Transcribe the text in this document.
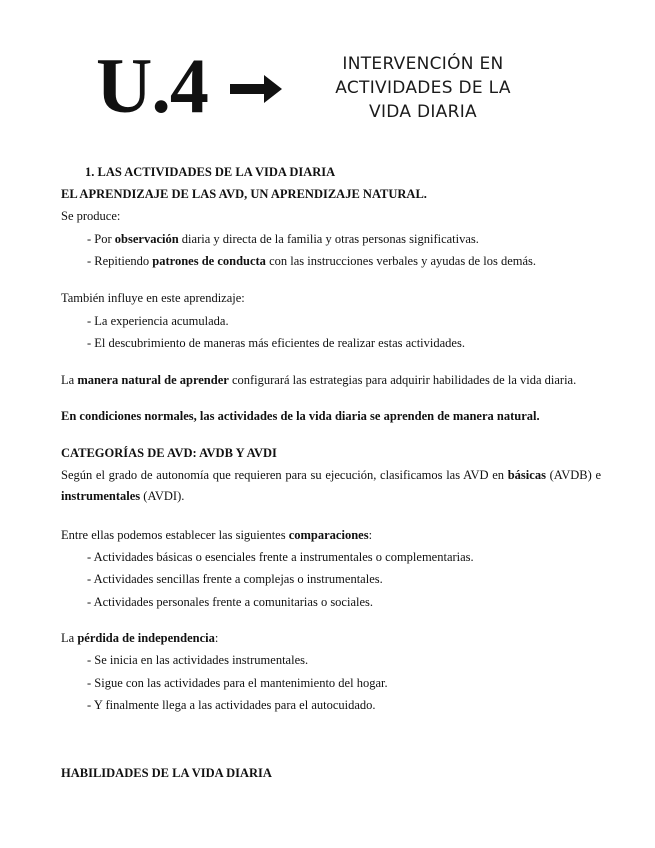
U.4	INTERVENCIÓN EN
ACTIVIDADES DE LA
VIDA DIARIA

1. LAS ACTIVIDADES DE LA VIDA DIARIA

EL APRENDIZAJE DE LAS AVD, UN APRENDIZAJE NATURAL.

Se produce:

- Por observación diaria y directa de la familia y otras personas significativas.

- Repitiendo patrones de conducta con las instrucciones verbales y ayudas de los demás.

También influye en este aprendizaje:

- La experiencia acumulada.

- El descubrimiento de maneras más eficientes de realizar estas actividades.

La manera natural de aprender configurará las estrategias para adquirir habilidades de la vida diaria.

En condiciones normales, las actividades de la vida diaria se aprenden de manera natural.

CATEGORÍAS DE AVD: AVDB Y AVDI

Según el grado de autonomía que requieren para su ejecución, clasificamos las AVD en básicas (AVDB) e instrumentales (AVDI).

Entre ellas podemos establecer las siguientes comparaciones:

- Actividades básicas o esenciales frente a instrumentales o complementarias.

- Actividades sencillas frente a complejas o instrumentales.

- Actividades personales frente a comunitarias o sociales.

La pérdida de independencia:

- Se inicia en las actividades instrumentales.

- Sigue con las actividades para el mantenimiento del hogar.

- Y finalmente llega a las actividades para el autocuidado.

HABILIDADES DE LA VIDA DIARIA
